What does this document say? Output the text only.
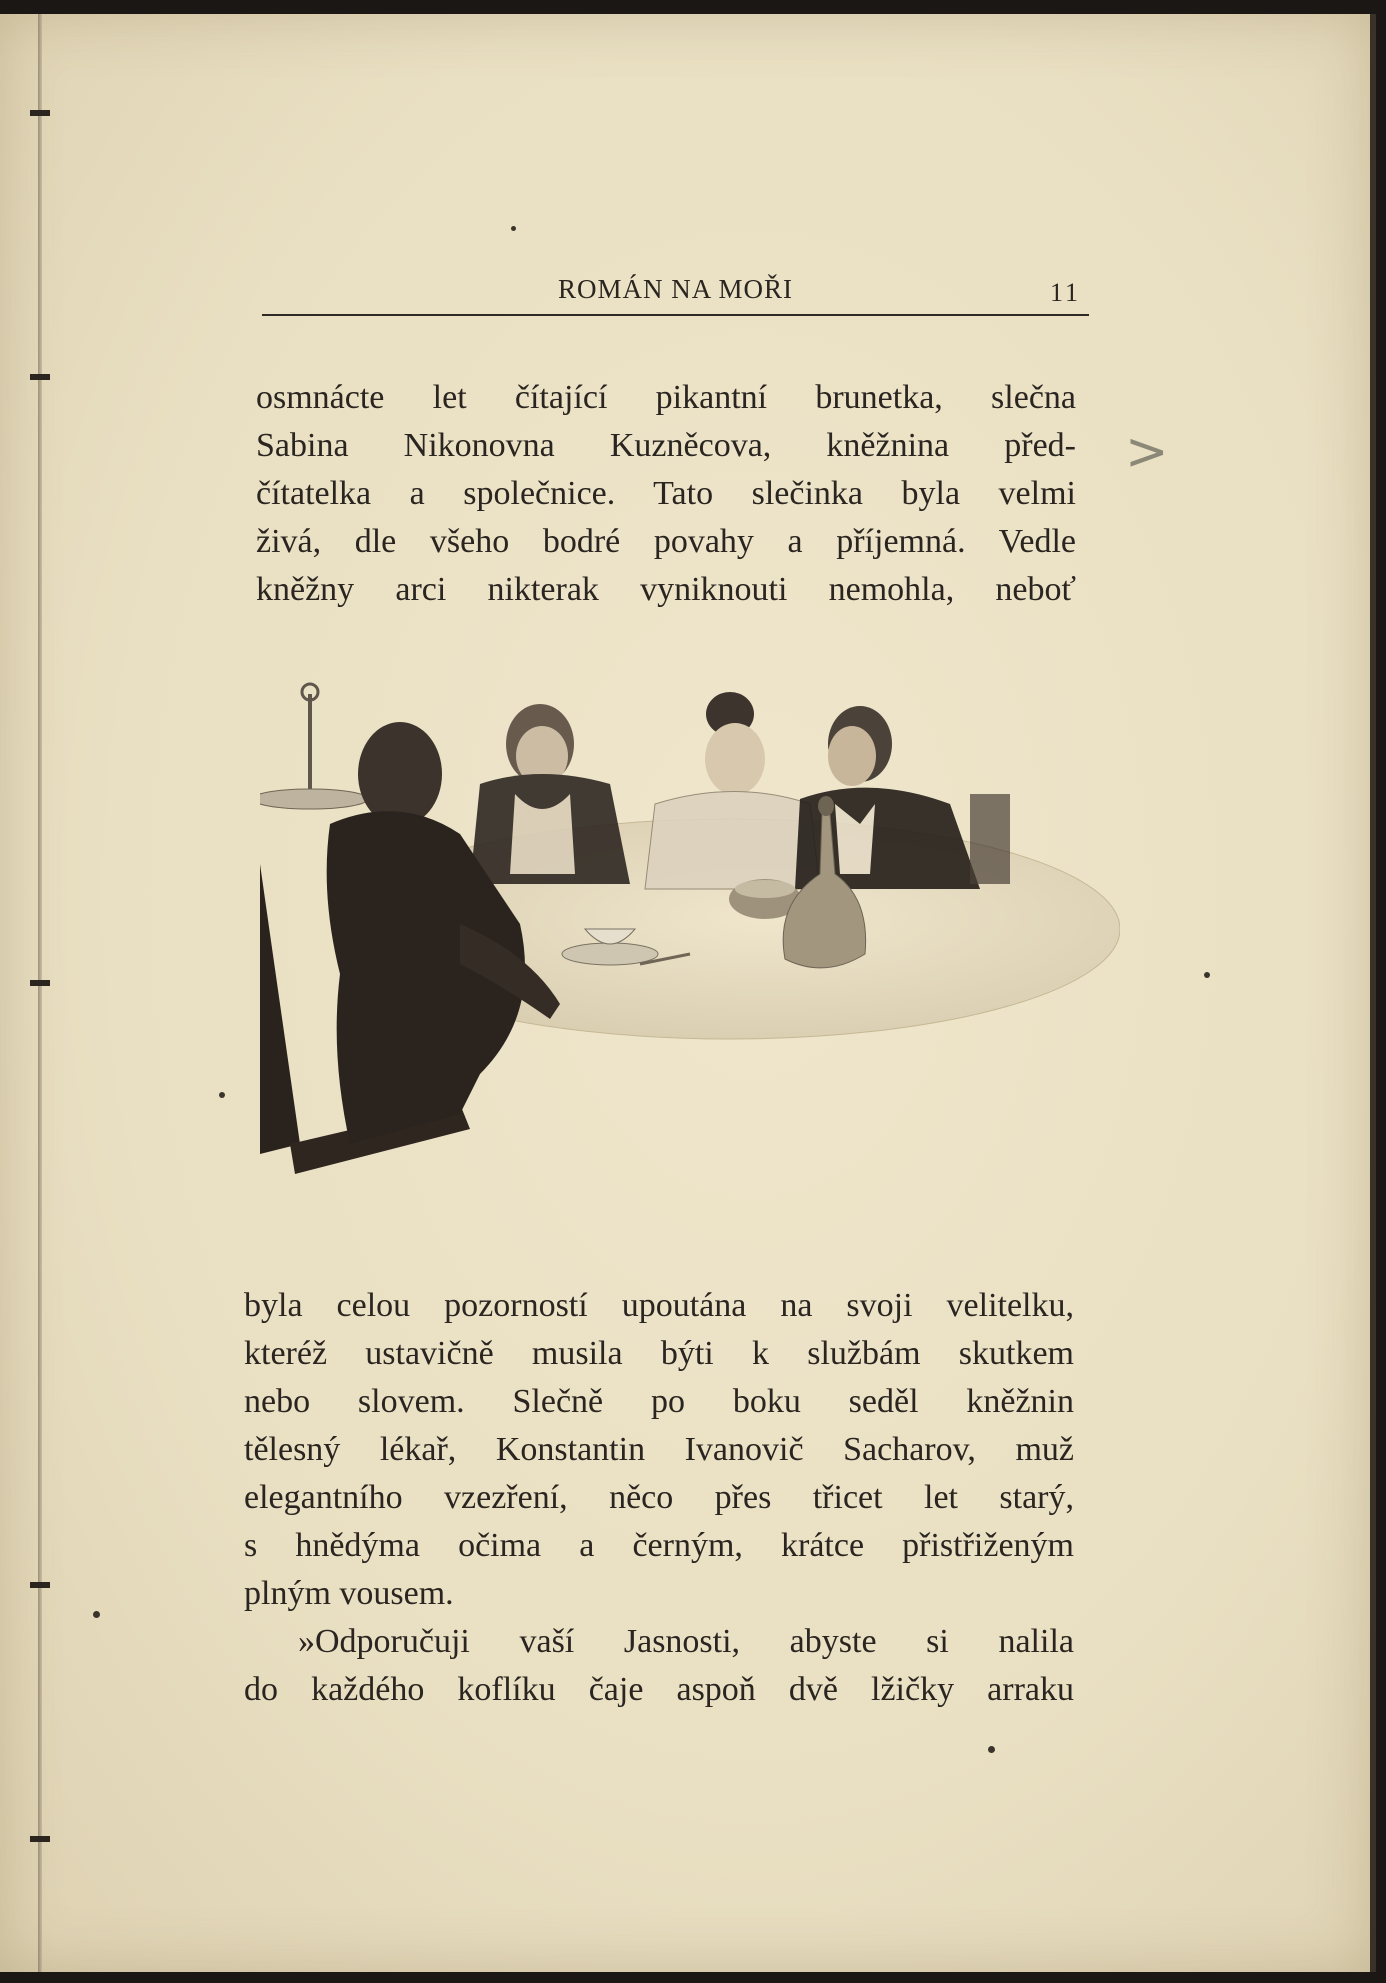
ROMÁN NA MOŘI	11
osmnácte let čítající pikantní brunetka, slečna
Sabina Nikonovna Kuzněcova, kněžnina před-
čítatelka a společnice. Tato slečinka byla velmi
živá, dle všeho bodré povahy a příjemná. Vedle
kněžny arci nikterak vyniknouti nemohla, neboť
>
byla celou pozorností upoutána na svoji velitelku,
kteréž ustavičně musila býti k službám skutkem
nebo slovem. Slečně po boku seděl kněžnin
tělesný lékař, Konstantin Ivanovič Sacharov, muž
elegantního vzezření, něco přes třicet let starý,
s hnědýma očima a černým, krátce přistřiženým
plným vousem.
»Odporučuji vaší Jasnosti, abyste si nalila
do každého koflíku čaje aspoň dvě lžičky arraku
